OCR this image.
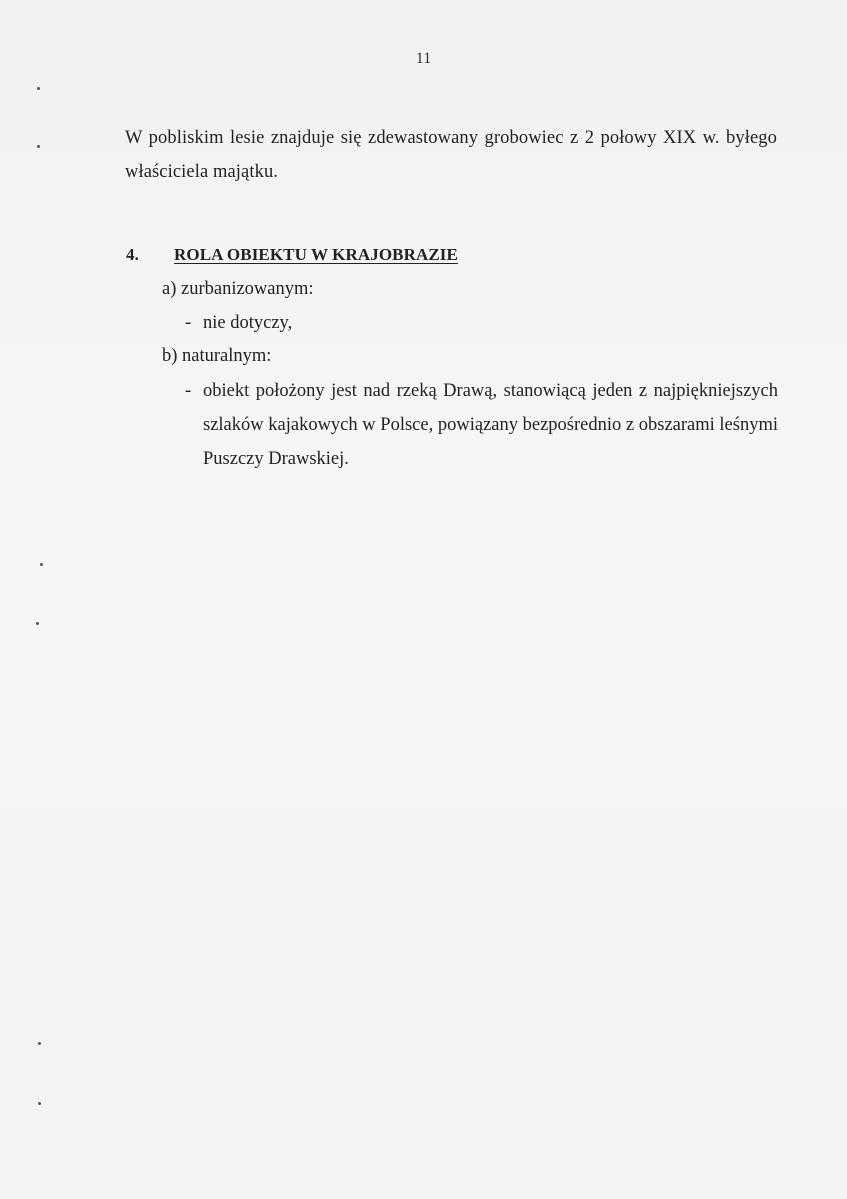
11
W pobliskim lesie znajduje się zdewastowany grobowiec z 2 połowy XIX w. byłego właściciela majątku.
4. ROLA OBIEKTU W KRAJOBRAZIE
a) zurbanizowanym:
- nie dotyczy,
b) naturalnym:
- obiekt położony jest nad rzeką Drawą, stanowiącą jeden z najpiękniejszych szlaków kajakowych w Polsce, powiązany bezpośrednio z obszarami leśnymi Puszczy Drawskiej.
